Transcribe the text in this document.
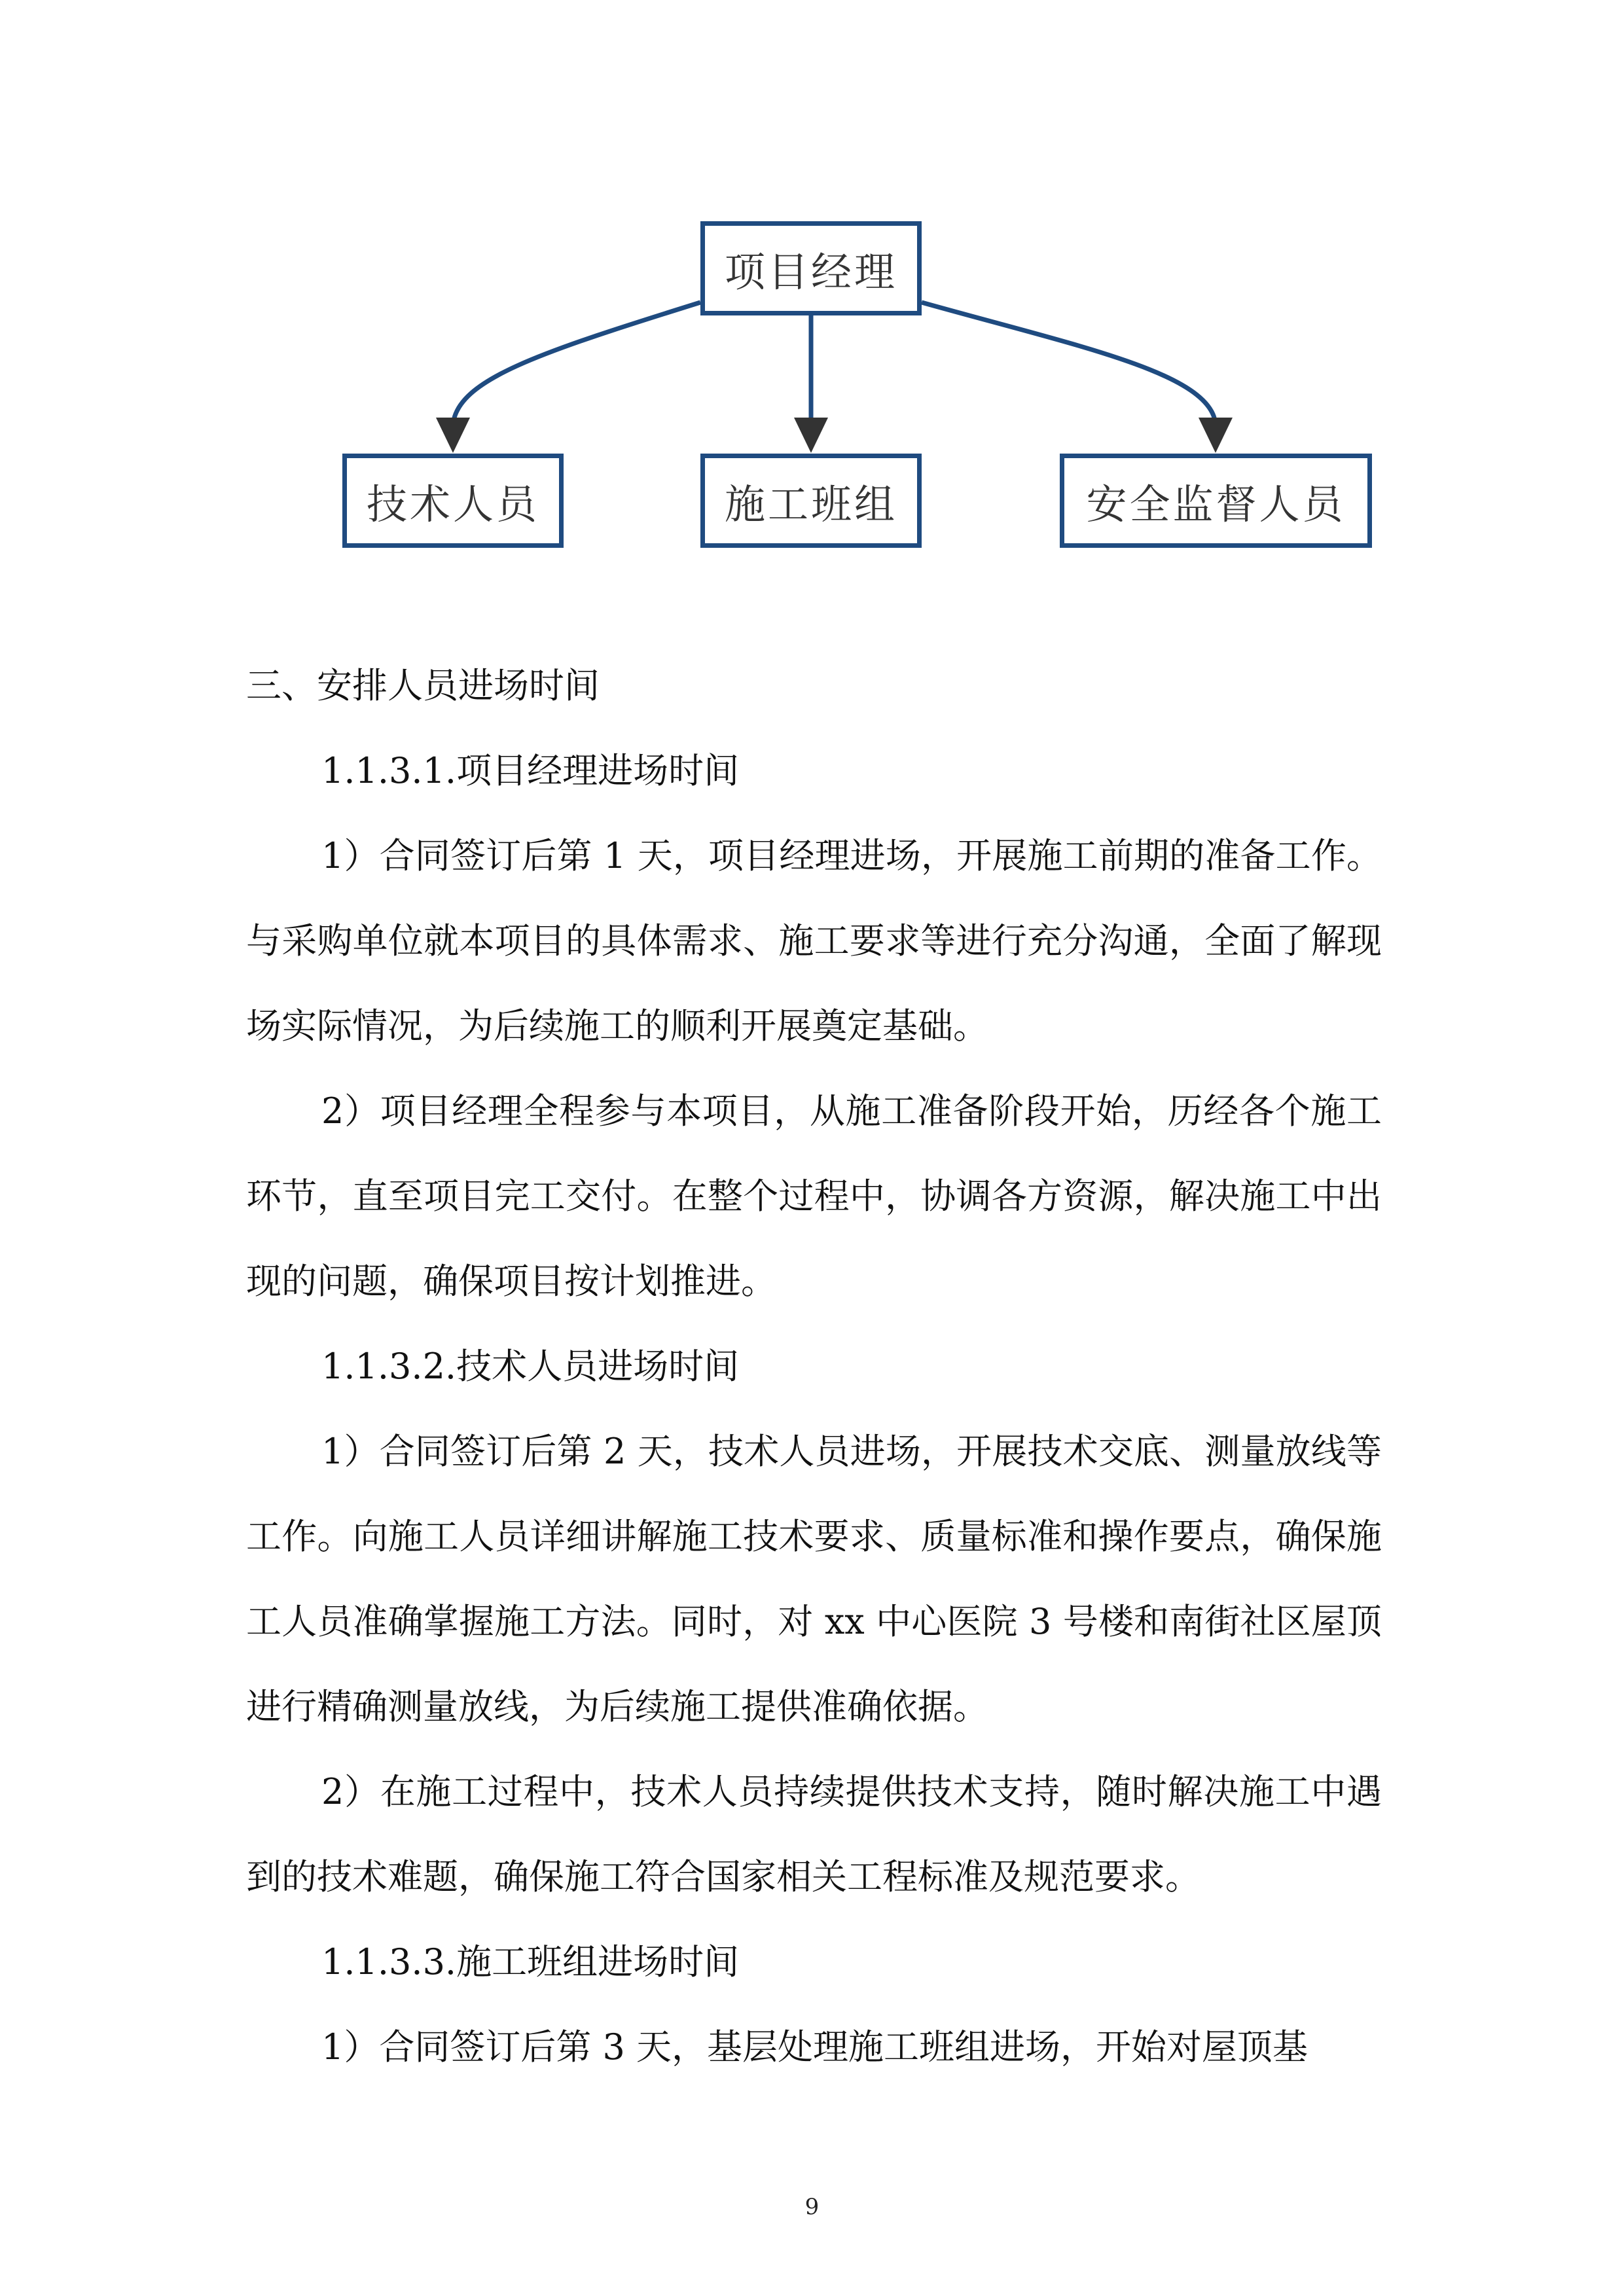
项目经理
技术人员	施工班组	安全监督人员

三、安排人员进场时间

1.1.3.1.项目经理进场时间

1）合同签订后第 1 天，项目经理进场，开展施工前期的准备工作。与采购单位就本项目的具体需求、施工要求等进行充分沟通，全面了解现场实际情况，为后续施工的顺利开展奠定基础。

2）项目经理全程参与本项目，从施工准备阶段开始，历经各个施工环节，直至项目完工交付。在整个过程中，协调各方资源，解决施工中出现的问题，确保项目按计划推进。

1.1.3.2.技术人员进场时间

1）合同签订后第 2 天，技术人员进场，开展技术交底、测量放线等工作。向施工人员详细讲解施工技术要求、质量标准和操作要点，确保施工人员准确掌握施工方法。同时，对 xx 中心医院 3 号楼和南街社区屋顶进行精确测量放线，为后续施工提供准确依据。

2）在施工过程中，技术人员持续提供技术支持，随时解决施工中遇到的技术难题，确保施工符合国家相关工程标准及规范要求。

1.1.3.3.施工班组进场时间

1）合同签订后第 3 天，基层处理施工班组进场，开始对屋顶基

9
